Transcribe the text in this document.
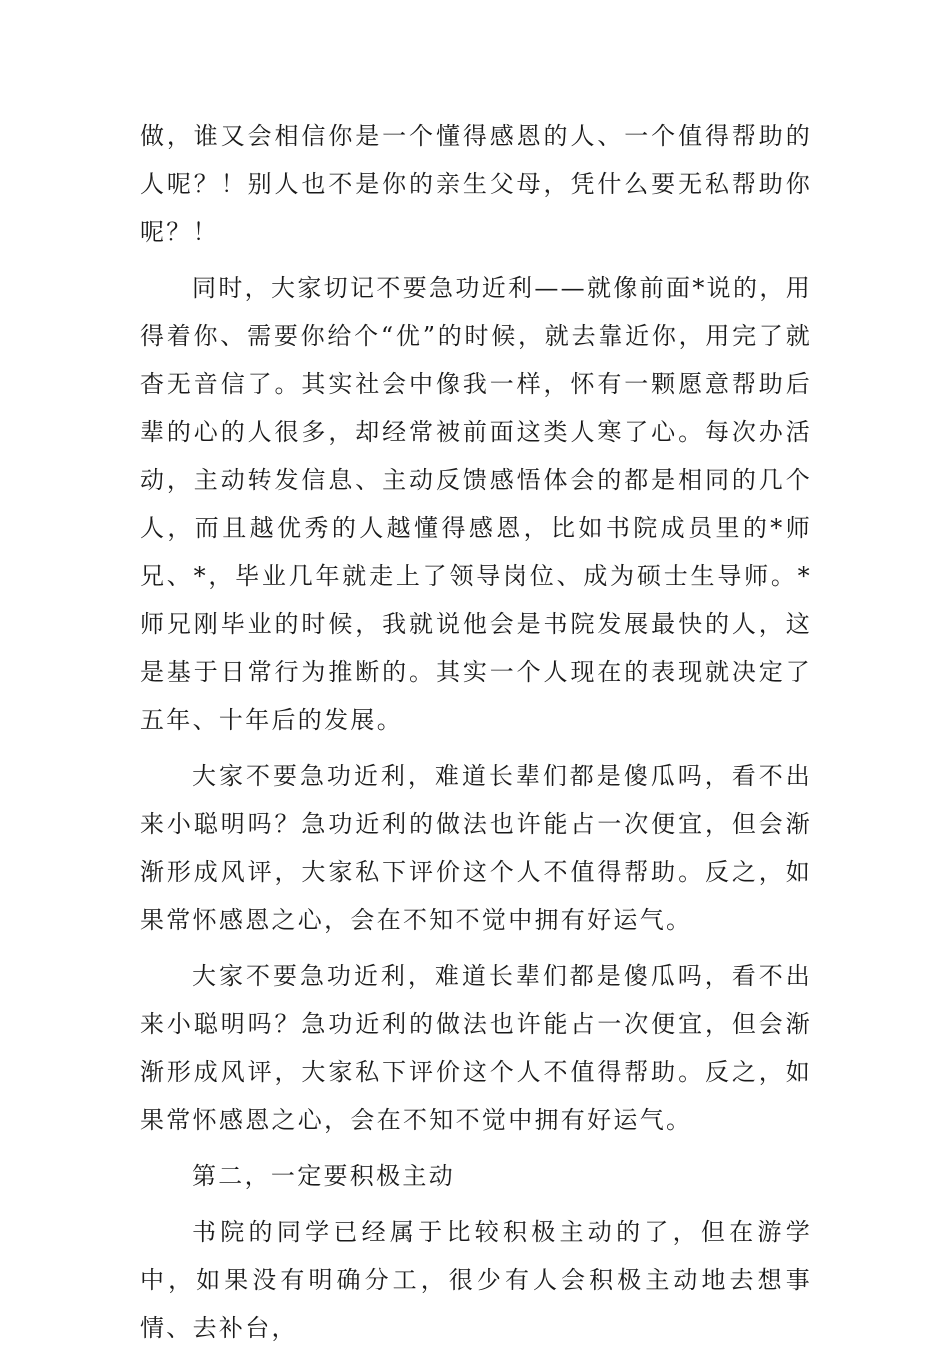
做，谁又会相信你是一个懂得感恩的人、一个值得帮助的人呢？！别人也不是你的亲生父母，凭什么要无私帮助你呢？！

同时，大家切记不要急功近利——就像前面*说的，用得着你、需要你给个“优”的时候，就去靠近你，用完了就杳无音信了。其实社会中像我一样，怀有一颗愿意帮助后辈的心的人很多，却经常被前面这类人寒了心。每次办活动，主动转发信息、主动反馈感悟体会的都是相同的几个人，而且越优秀的人越懂得感恩，比如书院成员里的*师兄、*，毕业几年就走上了领导岗位、成为硕士生导师。*师兄刚毕业的时候，我就说他会是书院发展最快的人，这是基于日常行为推断的。其实一个人现在的表现就决定了五年、十年后的发展。

大家不要急功近利，难道长辈们都是傻瓜吗，看不出来小聪明吗？急功近利的做法也许能占一次便宜，但会渐渐形成风评，大家私下评价这个人不值得帮助。反之，如果常怀感恩之心，会在不知不觉中拥有好运气。

大家不要急功近利，难道长辈们都是傻瓜吗，看不出来小聪明吗？急功近利的做法也许能占一次便宜，但会渐渐形成风评，大家私下评价这个人不值得帮助。反之，如果常怀感恩之心，会在不知不觉中拥有好运气。

第二，一定要积极主动

书院的同学已经属于比较积极主动的了，但在游学中，如果没有明确分工，很少有人会积极主动地去想事情、去补台，
